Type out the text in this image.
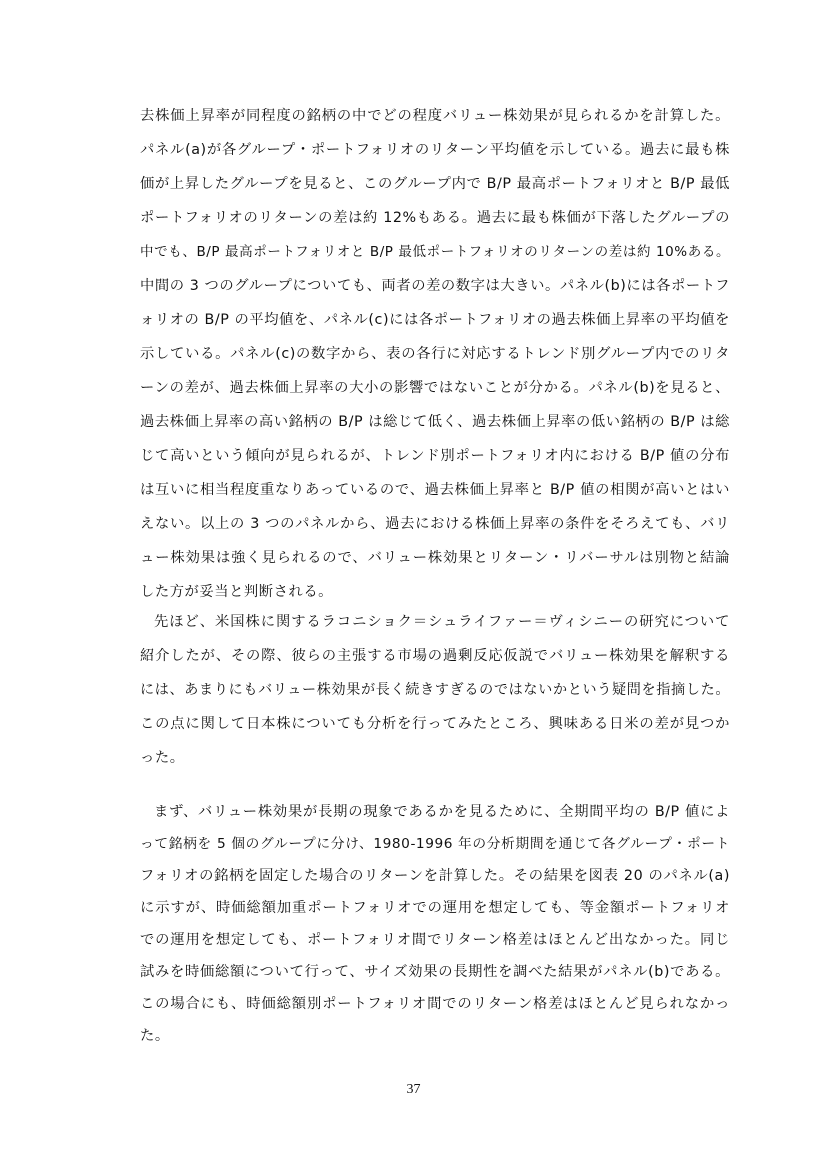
去株価上昇率が同程度の銘柄の中でどの程度バリュー株効果が見られるかを計算した。
パネル(a)が各グループ・ポートフォリオのリターン平均値を示している。過去に最も株
価が上昇したグループを見ると、このグループ内で B/P 最高ポートフォリオと B/P 最低
ポートフォリオのリターンの差は約 12%もある。過去に最も株価が下落したグループの
中でも、B/P 最高ポートフォリオと B/P 最低ポートフォリオのリターンの差は約 10%ある。
中間の 3 つのグループについても、両者の差の数字は大きい。パネル(b)には各ポートフ
ォリオの B/P の平均値を、パネル(c)には各ポートフォリオの過去株価上昇率の平均値を
示している。パネル(c)の数字から、表の各行に対応するトレンド別グループ内でのリタ
ーンの差が、過去株価上昇率の大小の影響ではないことが分かる。パネル(b)を見ると、
過去株価上昇率の高い銘柄の B/P は総じて低く、過去株価上昇率の低い銘柄の B/P は総
じて高いという傾向が見られるが、トレンド別ポートフォリオ内における B/P 値の分布
は互いに相当程度重なりあっているので、過去株価上昇率と B/P 値の相関が高いとはい
えない。以上の 3 つのパネルから、過去における株価上昇率の条件をそろえても、バリ
ュー株効果は強く見られるので、バリュー株効果とリターン・リバーサルは別物と結論
した方が妥当と判断される。
先ほど、米国株に関するラコニショク＝シュライファー＝ヴィシニーの研究について
紹介したが、その際、彼らの主張する市場の過剰反応仮説でバリュー株効果を解釈する
には、あまりにもバリュー株効果が長く続きすぎるのではないかという疑問を指摘した。
この点に関して日本株についても分析を行ってみたところ、興味ある日米の差が見つか
った。
まず、バリュー株効果が長期の現象であるかを見るために、全期間平均の B/P 値によ
って銘柄を 5 個のグループに分け、1980-1996 年の分析期間を通じて各グループ・ポート
フォリオの銘柄を固定した場合のリターンを計算した。その結果を図表 20 のパネル(a)
に示すが、時価総額加重ポートフォリオでの運用を想定しても、等金額ポートフォリオ
での運用を想定しても、ポートフォリオ間でリターン格差はほとんど出なかった。同じ
試みを時価総額について行って、サイズ効果の長期性を調べた結果がパネル(b)である。
この場合にも、時価総額別ポートフォリオ間でのリターン格差はほとんど見られなかっ
た。
37
